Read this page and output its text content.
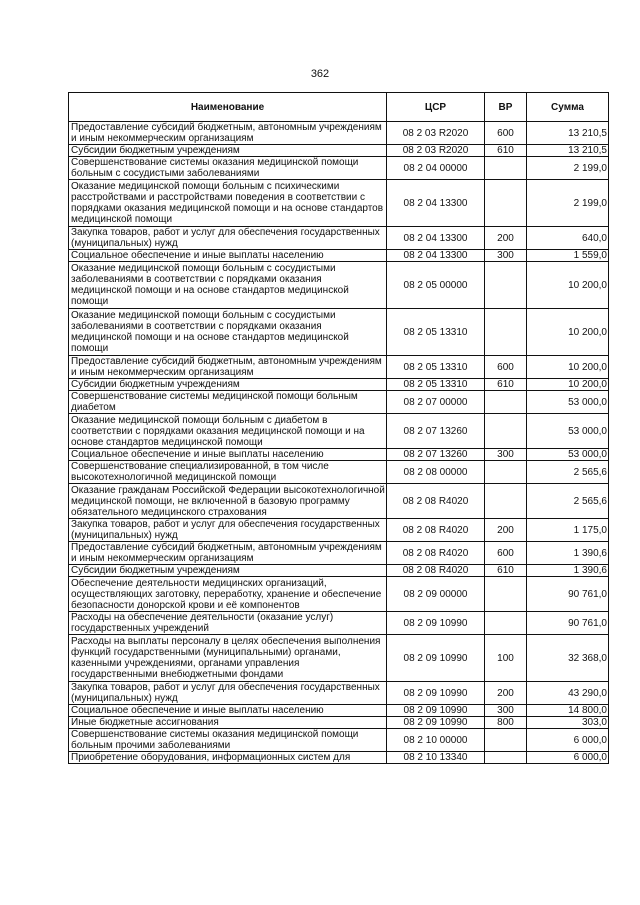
362
Наименование	ЦСР	ВР	Сумма
Предоставление субсидий бюджетным, автономным учреждениям и иным некоммерческим организациям	08 2 03 R2020	600	13 210,5
Субсидии бюджетным учреждениям	08 2 03 R2020	610	13 210,5
Совершенствование системы оказания медицинской помощи больным с сосудистыми заболеваниями	08 2 04 00000		2 199,0
Оказание медицинской помощи больным с психическими расстройствами и расстройствами поведения в соответствии с порядками оказания медицинской помощи и на основе стандартов медицинской помощи	08 2 04 13300		2 199,0
Закупка товаров, работ и услуг для обеспечения государственных (муниципальных) нужд	08 2 04 13300	200	640,0
Социальное обеспечение и иные выплаты населению	08 2 04 13300	300	1 559,0
Оказание медицинской помощи больным с сосудистыми заболеваниями в соответствии с порядками оказания медицинской помощи и на основе стандартов медицинской помощи	08 2 05 00000		10 200,0
Оказание медицинской помощи больным с сосудистыми заболеваниями в соответствии с порядками оказания медицинской помощи и на основе стандартов медицинской помощи	08 2 05 13310		10 200,0
Предоставление субсидий бюджетным, автономным учреждениям и иным некоммерческим организациям	08 2 05 13310	600	10 200,0
Субсидии бюджетным учреждениям	08 2 05 13310	610	10 200,0
Совершенствование системы медицинской помощи больным диабетом	08 2 07 00000		53 000,0
Оказание медицинской помощи больным с диабетом в соответствии с порядками оказания медицинской помощи и на основе стандартов медицинской помощи	08 2 07 13260		53 000,0
Социальное обеспечение и иные выплаты населению	08 2 07 13260	300	53 000,0
Совершенствование специализированной, в том числе высокотехнологичной медицинской помощи	08 2 08 00000		2 565,6
Оказание гражданам Российской Федерации высокотехнологичной медицинской помощи, не включенной в базовую программу обязательного медицинского страхования	08 2 08 R4020		2 565,6
Закупка товаров, работ и услуг для обеспечения государственных (муниципальных) нужд	08 2 08 R4020	200	1 175,0
Предоставление субсидий бюджетным, автономным учреждениям и иным некоммерческим организациям	08 2 08 R4020	600	1 390,6
Субсидии бюджетным учреждениям	08 2 08 R4020	610	1 390,6
Обеспечение деятельности медицинских организаций, осуществляющих заготовку, переработку, хранение и обеспечение безопасности донорской крови и её компонентов	08 2 09 00000		90 761,0
Расходы на обеспечение деятельности (оказание услуг) государственных учреждений	08 2 09 10990		90 761,0
Расходы на выплаты персоналу в целях обеспечения выполнения функций государственными (муниципальными) органами, казенными учреждениями, органами управления государственными внебюджетными фондами	08 2 09 10990	100	32 368,0
Закупка товаров, работ и услуг для обеспечения государственных (муниципальных) нужд	08 2 09 10990	200	43 290,0
Социальное обеспечение и иные выплаты населению	08 2 09 10990	300	14 800,0
Иные бюджетные ассигнования	08 2 09 10990	800	303,0
Совершенствование системы оказания медицинской помощи больным прочими заболеваниями	08 2 10 00000		6 000,0
Приобретение оборудования, информационных систем для	08 2 10 13340		6 000,0
